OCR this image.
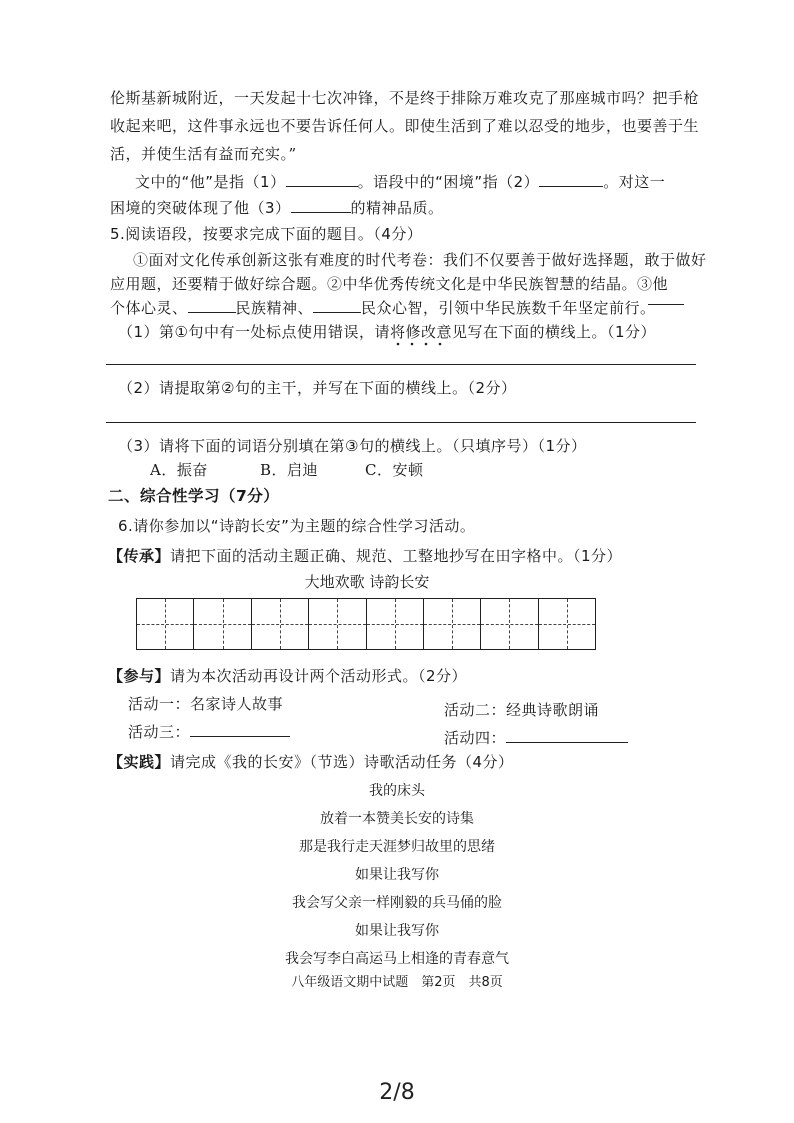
伦斯基新城附近，一天发起十七次冲锋，不是终于排除万难攻克了那座城市吗？把手枪
收起来吧，这件事永远也不要告诉任何人。即使生活到了难以忍受的地步，也要善于生
活，并使生活有益而充实。”
文中的“他”是指（1）	。语段中的“困境”指（2）	。对这一
困境的突破体现了他（3）	的精神品质。
5.阅读语段，按要求完成下面的题目。（4分）
①面对文化传承创新这张有难度的时代考卷：我们不仅要善于做好选择题，敢于做好
应用题，还要精于做好综合题。②中华优秀传统文化是中华民族智慧的结晶。③他
个体心灵、	民族精神、	民众心智，引领中华民族数千年坚定前行。
（1）第①句中有一处标点使用错误，请将修改意见写在下面的横线上。（1分）
（2）请提取第②句的主干，并写在下面的横线上。（2分）
（3）请将下面的词语分别填在第③句的横线上。（只填序号）（1分）
A．振奋	B．启迪	C．安顿
二、综合性学习（7分）
6.请你参加以“诗韵长安”为主题的综合性学习活动。
【传承】请把下面的活动主题正确、规范、工整地抄写在田字格中。（1分）
大地欢歌 诗韵长安
【参与】请为本次活动再设计两个活动形式。（2分）
活动一：名家诗人故事	活动二：经典诗歌朗诵
活动三：	活动四：
【实践】请完成《我的长安》（节选）诗歌活动任务（4分）
我的床头
放着一本赞美长安的诗集
那是我行走天涯梦归故里的思绪
如果让我写你
我会写父亲一样刚毅的兵马俑的脸
如果让我写你
我会写李白高运马上相逢的青春意气
八年级语文期中试题　第2页　共8页
2/8
